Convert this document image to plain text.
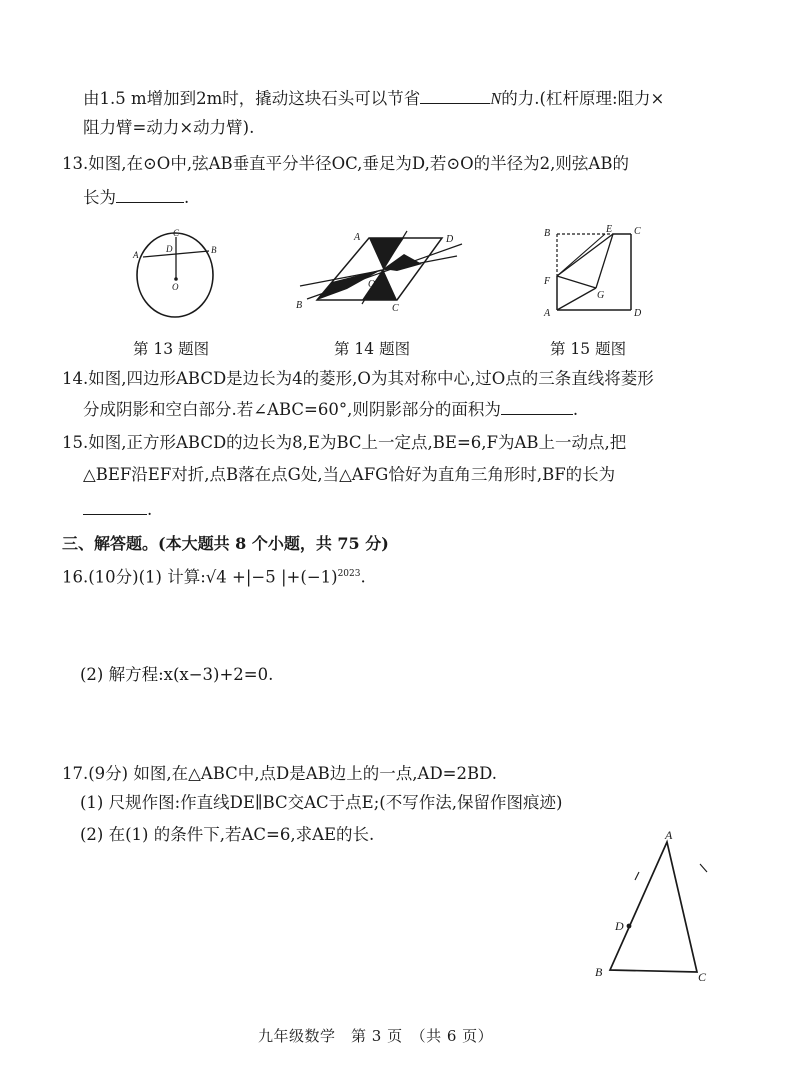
由1.5 m增加到2m时，撬动这块石头可以节省	N的力.(杠杆原理:阻力×
阻力臂=动力×动力臂).
13.如图,在⊙O中,弦AB垂直平分半径OC,垂足为D,若⊙O的半径为2,则弦AB的
长为	.
C
A
D	B
O
A	D
O
B	C
B	E C
F
G
A	D
第 13 题图	第 14 题图	第 15 题图
14.如图,四边形ABCD是边长为4的菱形,O为其对称中心,过O点的三条直线将菱形
分成阴影和空白部分.若∠ABC=60°,则阴影部分的面积为	.
15.如图,正方形ABCD的边长为8,E为BC上一定点,BE=6,F为AB上一动点,把
△BEF沿EF对折,点B落在点G处,当△AFG恰好为直角三角形时,BF的长为
.
三、解答题。(本大题共 8 个小题，共 75 分)
16.(10分)(1) 计算:√4 +|−5 $|+(-1)^{2023}$.
(2) 解方程:x(x−3)+2=0.
17.(9分) 如图,在△ABC中,点D是AB边上的一点,AD=2BD.
(1) 尺规作图:作直线DE∥BC交AC于点E;(不写作法,保留作图痕迹)
(2) 在(1) 的条件下,若AC=6,求AE的长.	A
D
B	C
九年级数学　第 3 页　（共 6 页）
